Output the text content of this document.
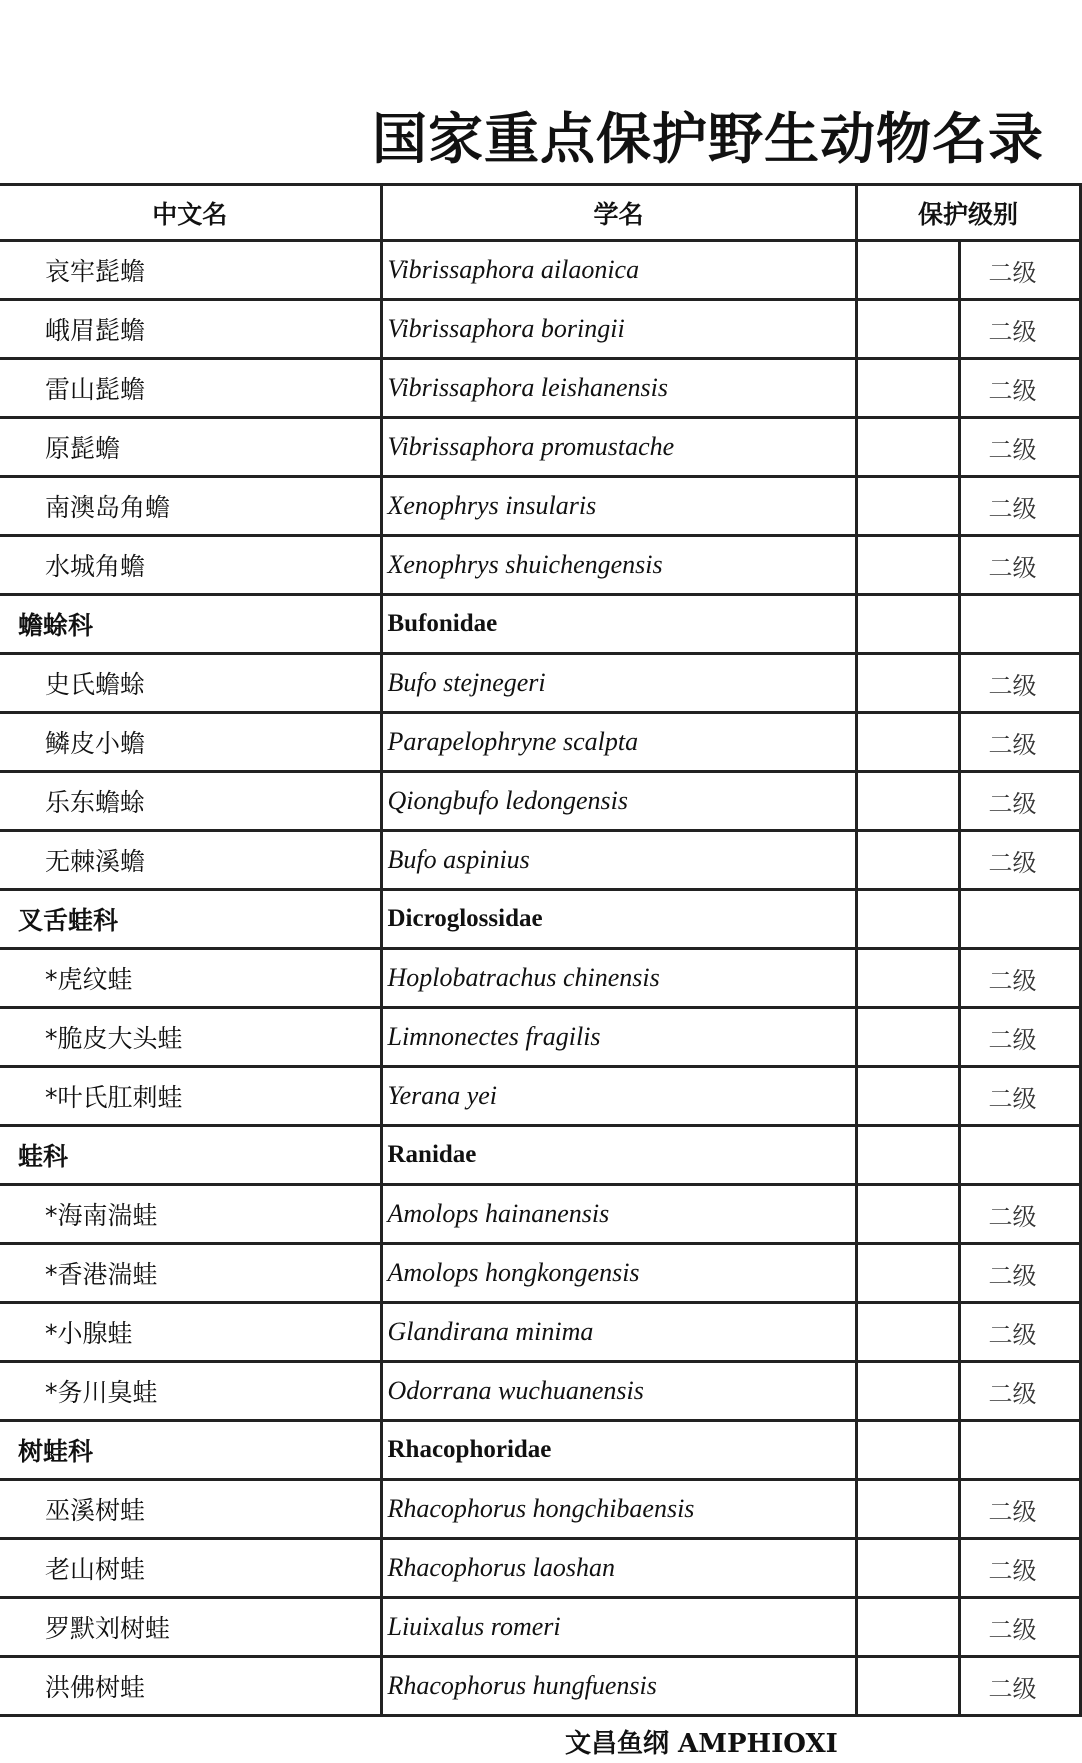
国家重点保护野生动物名录
中文名	学名	保护级别	
哀牢髭蟾	Vibrissaphora ailaonica		二级
峨眉髭蟾	Vibrissaphora boringii		二级
雷山髭蟾	Vibrissaphora leishanensis		二级
原髭蟾	Vibrissaphora promustache		二级
南澳岛角蟾	Xenophrys insularis		二级
水城角蟾	Xenophrys shuichengensis		二级
蟾蜍科	Bufonidae		
史氏蟾蜍	Bufo stejnegeri		二级
鳞皮小蟾	Parapelophryne scalpta		二级
乐东蟾蜍	Qiongbufo ledongensis		二级
无棘溪蟾	Bufo aspinius		二级
叉舌蛙科	Dicroglossidae		
*虎纹蛙	Hoplobatrachus chinensis		二级
*脆皮大头蛙	Limnonectes fragilis		二级
*叶氏肛刺蛙	Yerana yei		二级
蛙科	Ranidae		
*海南湍蛙	Amolops hainanensis		二级
*香港湍蛙	Amolops hongkongensis		二级
*小腺蛙	Glandirana minima		二级
*务川臭蛙	Odorrana wuchuanensis		二级
树蛙科	Rhacophoridae		
巫溪树蛙	Rhacophorus hongchibaensis		二级
老山树蛙	Rhacophorus laoshan		二级
罗默刘树蛙	Liuixalus romeri		二级
洪佛树蛙	Rhacophorus hungfuensis		二级
文昌鱼纲 AMPHIOXI
